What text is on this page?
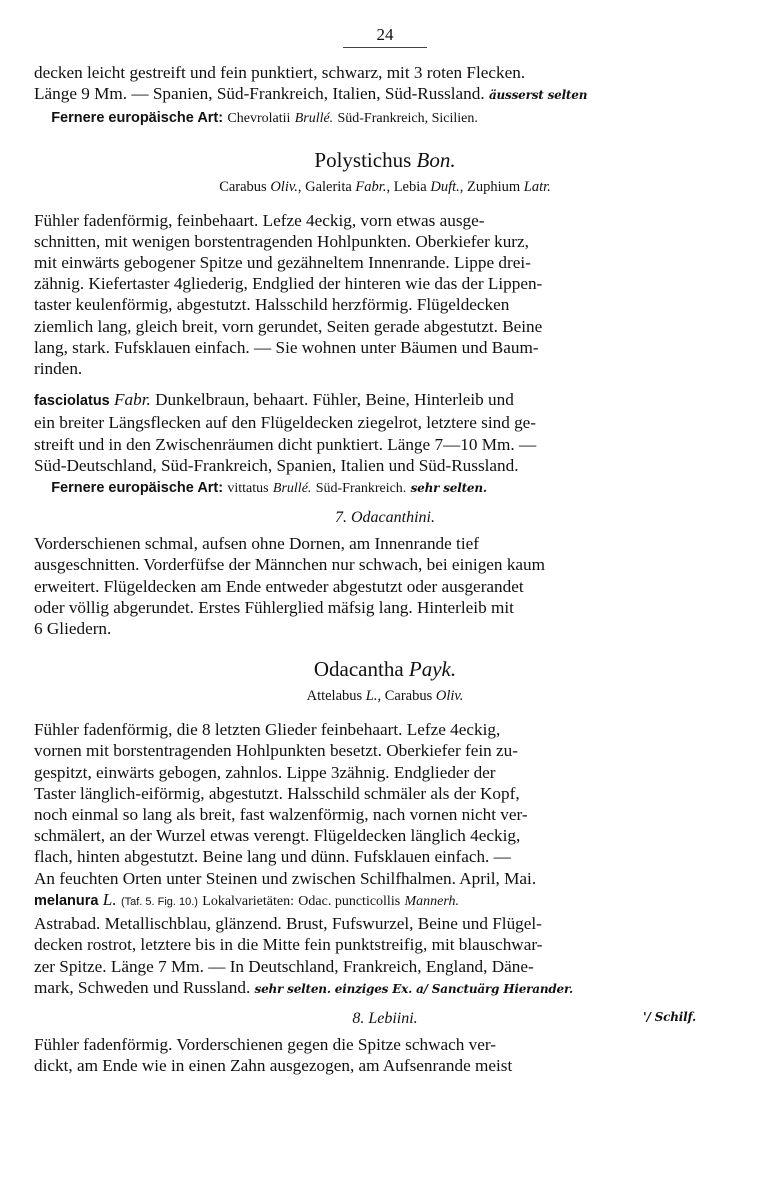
24
decken leicht gestreift und fein punktiert, schwarz, mit 3 roten Flecken.
Länge 9 Mm. — Spanien, Süd-Frankreich, Italien, Süd-Russland. äusserst selten
Fernere europäische Art: Chevrolatii Brullé. Süd-Frankreich, Sicilien.
Polystichus Bon.
Carabus Oliv., Galerita Fabr., Lebia Duft., Zuphium Latr.
Fühler fadenförmig, feinbehaart. Lefze 4eckig, vorn etwas ausge-
schnitten, mit wenigen borstentragenden Hohlpunkten. Oberkiefer kurz,
mit einwärts gebogener Spitze und gezähneltem Innenrande. Lippe drei-
zähnig. Kiefertaster 4gliederig, Endglied der hinteren wie das der Lippen-
taster keulenförmig, abgestutzt. Halsschild herzförmig. Flügeldecken
ziemlich lang, gleich breit, vorn gerundet, Seiten gerade abgestutzt. Beine
lang, stark. Fufsklauen einfach. — Sie wohnen unter Bäumen und Baum-
rinden.
fasciolatus Fabr. Dunkelbraun, behaart. Fühler, Beine, Hinterleib und
ein breiter Längsflecken auf den Flügeldecken ziegelrot, letztere sind ge-
streift und in den Zwischenräumen dicht punktiert. Länge 7—10 Mm. —
Süd-Deutschland, Süd-Frankreich, Spanien, Italien und Süd-Russland.
Fernere europäische Art: vittatus Brullé. Süd-Frankreich. sehr selten.
7. Odacanthini.
Vorderschienen schmal, aufsen ohne Dornen, am Innenrande tief
ausgeschnitten. Vorderfüfse der Männchen nur schwach, bei einigen kaum
erweitert. Flügeldecken am Ende entweder abgestutzt oder ausgerandet
oder völlig abgerundet. Erstes Fühlerglied mäfsig lang. Hinterleib mit
6 Gliedern.
Odacantha Payk.
Attelabus L., Carabus Oliv.
Fühler fadenförmig, die 8 letzten Glieder feinbehaart. Lefze 4eckig,
vornen mit borstentragenden Hohlpunkten besetzt. Oberkiefer fein zu-
gespitzt, einwärts gebogen, zahnlos. Lippe 3zähnig. Endglieder der
Taster länglich-eiförmig, abgestutzt. Halsschild schmäler als der Kopf,
noch einmal so lang als breit, fast walzenförmig, nach vornen nicht ver-
schmälert, an der Wurzel etwas verengt. Flügeldecken länglich 4eckig,
flach, hinten abgestutzt. Beine lang und dünn. Fufsklauen einfach. —
An feuchten Orten unter Steinen und zwischen Schilfhalmen. April, Mai.
melanura L. (Taf. 5. Fig. 10.) Lokalvarietäten: Odac. puncticollis Mannerh.
Astrabad. Metallischblau, glänzend. Brust, Fufswurzel, Beine und Flügel-
decken rostrot, letztere bis in die Mitte fein punktstreifig, mit blauschwar-
zer Spitze. Länge 7 Mm. — In Deutschland, Frankreich, England, Däne-
mark, Schweden und Russland. sehr selten. einziges Ex. a/ Sanctuärg Hierander.
8. Lebiini.	'/ Schilf.
Fühler fadenförmig. Vorderschienen gegen die Spitze schwach ver-
dickt, am Ende wie in einen Zahn ausgezogen, am Aufsenrande meist
